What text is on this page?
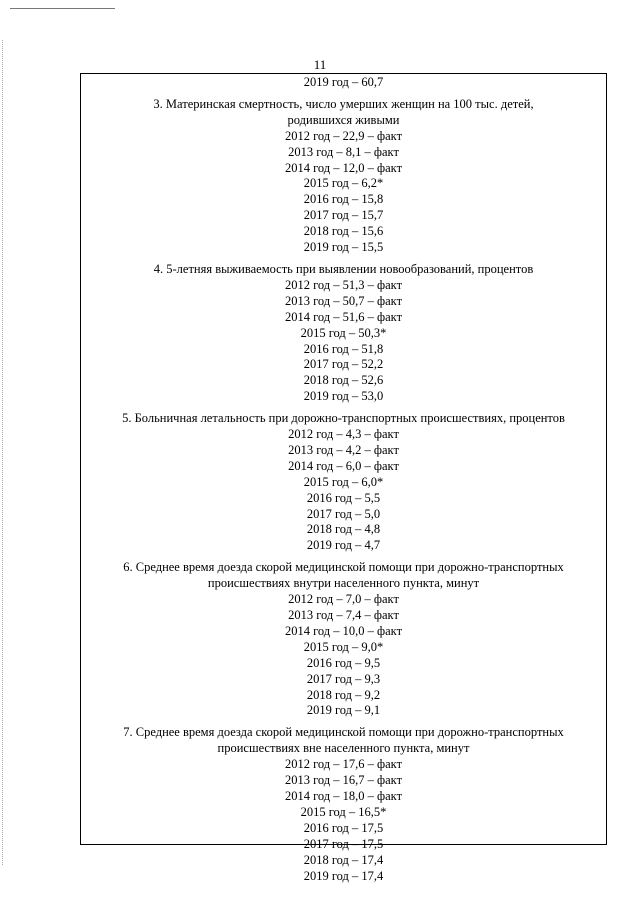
11
2019 год – 60,7
3. Материнская смертность, число умерших женщин на 100 тыс. детей,
родившихся живыми
2012 год – 22,9 – факт
2013 год – 8,1 – факт
2014 год – 12,0 – факт
2015 год – 6,2*
2016 год – 15,8
2017 год – 15,7
2018 год – 15,6
2019 год – 15,5
4. 5-летняя выживаемость при выявлении новообразований, процентов
2012 год – 51,3 – факт
2013 год – 50,7 – факт
2014 год – 51,6 – факт
2015 год – 50,3*
2016 год – 51,8
2017 год – 52,2
2018 год – 52,6
2019 год – 53,0
5. Больничная летальность при дорожно-транспортных происшествиях, процентов
2012 год – 4,3 – факт
2013 год – 4,2 – факт
2014 год – 6,0 – факт
2015 год – 6,0*
2016 год – 5,5
2017 год – 5,0
2018 год – 4,8
2019 год – 4,7
6. Среднее время доезда скорой медицинской помощи при дорожно-транспортных
происшествиях внутри населенного пункта, минут
2012 год – 7,0 – факт
2013 год – 7,4 – факт
2014 год – 10,0 – факт
2015 год – 9,0*
2016 год – 9,5
2017 год – 9,3
2018 год – 9,2
2019 год – 9,1
7. Среднее время доезда скорой медицинской помощи при дорожно-транспортных
происшествиях вне населенного пункта, минут
2012 год – 17,6 – факт
2013 год – 16,7 – факт
2014 год – 18,0 – факт
2015 год – 16,5*
2016 год – 17,5
2017 год – 17,5
2018 год – 17,4
2019 год – 17,4
